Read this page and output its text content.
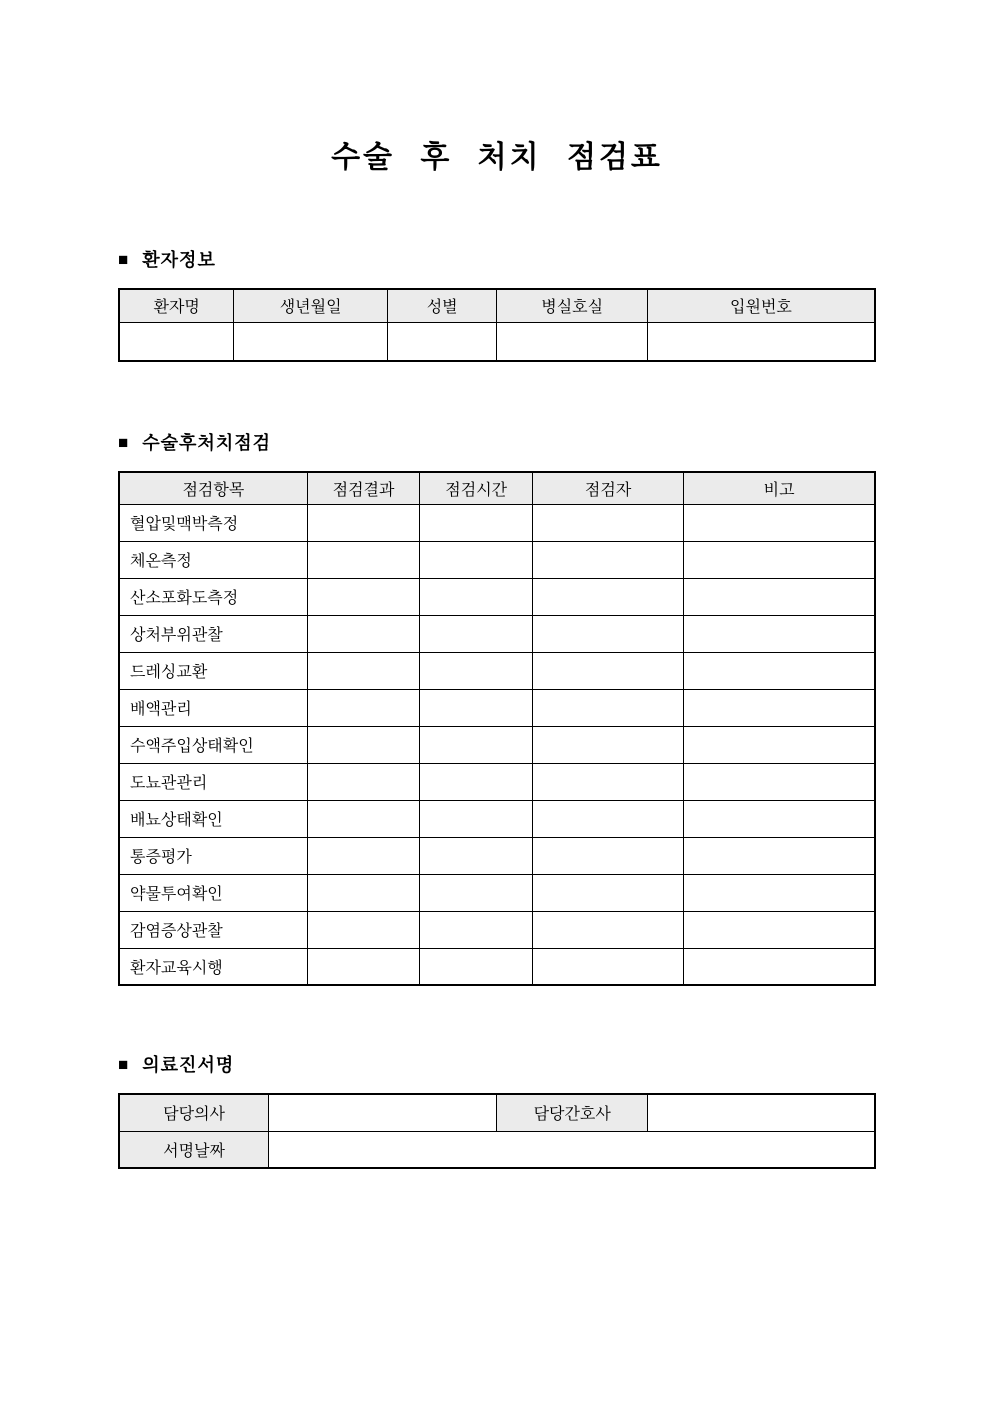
수술 후 처치 점검표
■ 환자정보
환자명	생년월일	성별	병실호실	입원번호

■ 수술후처치점검
점검항목	점검결과	점검시간	점검자	비고
혈압및맥박측정				
체온측정				
산소포화도측정				
상처부위관찰				
드레싱교환				
배액관리				
수액주입상태확인				
도뇨관관리				
배뇨상태확인				
통증평가				
약물투여확인				
감염증상관찰				
환자교육시행				
■ 의료진서명
담당의사		담당간호사	
서명날짜			
